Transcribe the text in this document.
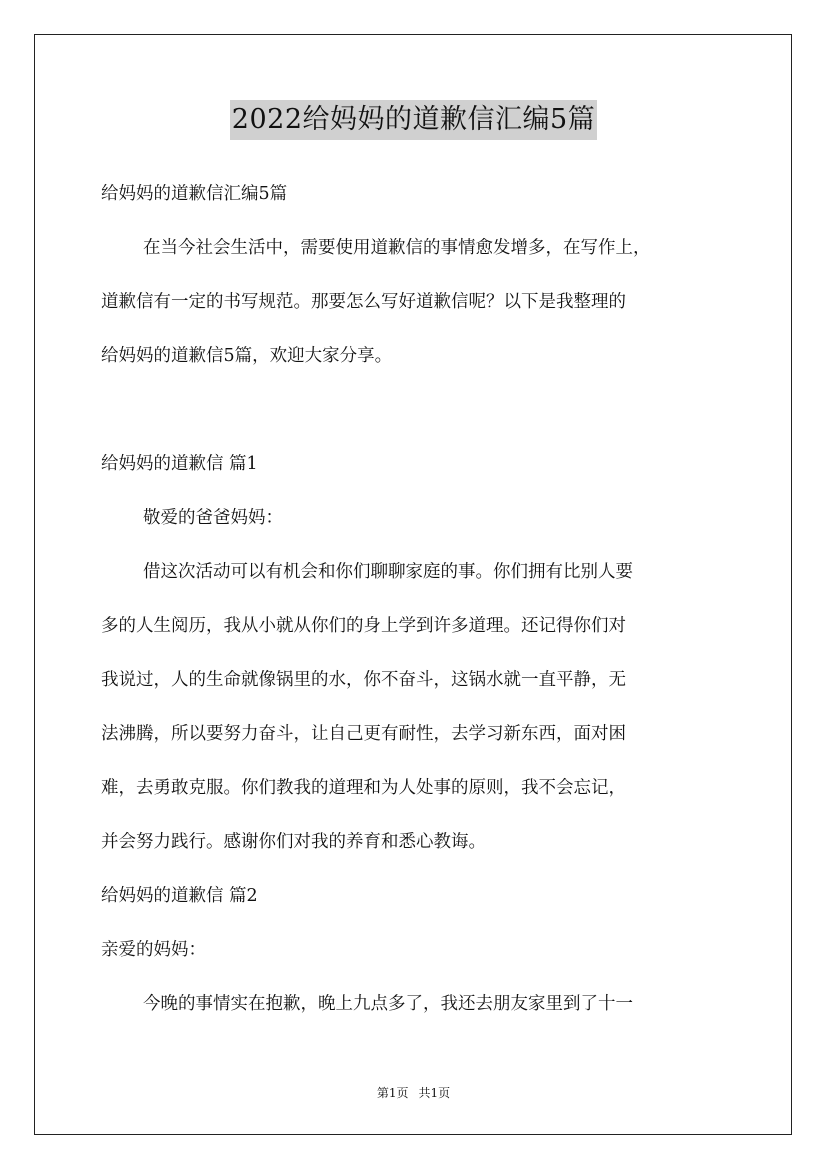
2022给妈妈的道歉信汇编5篇
给妈妈的道歉信汇编5篇
在当今社会生活中，需要使用道歉信的事情愈发增多，在写作上，
道歉信有一定的书写规范。那要怎么写好道歉信呢？以下是我整理的
给妈妈的道歉信5篇，欢迎大家分享。
给妈妈的道歉信 篇1
敬爱的爸爸妈妈：
借这次活动可以有机会和你们聊聊家庭的事。你们拥有比别人要
多的人生阅历，我从小就从你们的身上学到许多道理。还记得你们对
我说过，人的生命就像锅里的水，你不奋斗，这锅水就一直平静，无
法沸腾，所以要努力奋斗，让自己更有耐性，去学习新东西，面对困
难，去勇敢克服。你们教我的道理和为人处事的原则，我不会忘记，
并会努力践行。感谢你们对我的养育和悉心教诲。
给妈妈的道歉信 篇2
亲爱的妈妈：
今晚的事情实在抱歉，晚上九点多了，我还去朋友家里到了十一
第1页 共1页
